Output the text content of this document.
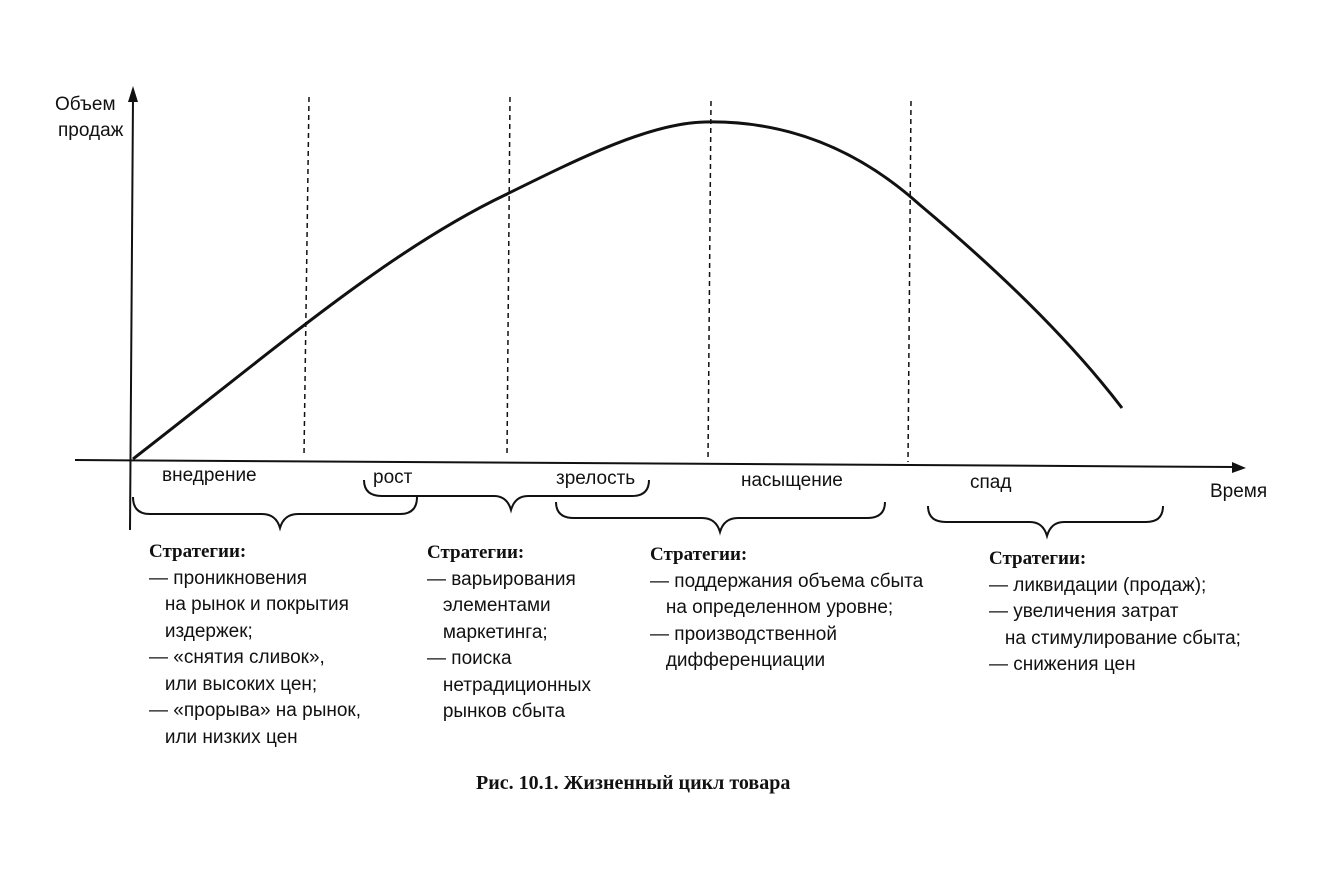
Объем продаж
Время
внедрение	рост	зрелость	насыщение	спад
Стратегии:
— проникновения
на рынок и покрытия
издержек;
— «снятия сливок»,
или высоких цен;
— «прорыва» на рынок,
или низких цен
Стратегии:
— варьирования
элементами
маркетинга;
— поиска
нетрадиционных
рынков сбыта
Стратегии:
— поддержания объема сбыта
на определенном уровне;
— производственной
дифференциации
Стратегии:
— ликвидации (продаж);
— увеличения затрат
на стимулирование сбыта;
— снижения цен
Рис. 10.1. Жизненный цикл товара
